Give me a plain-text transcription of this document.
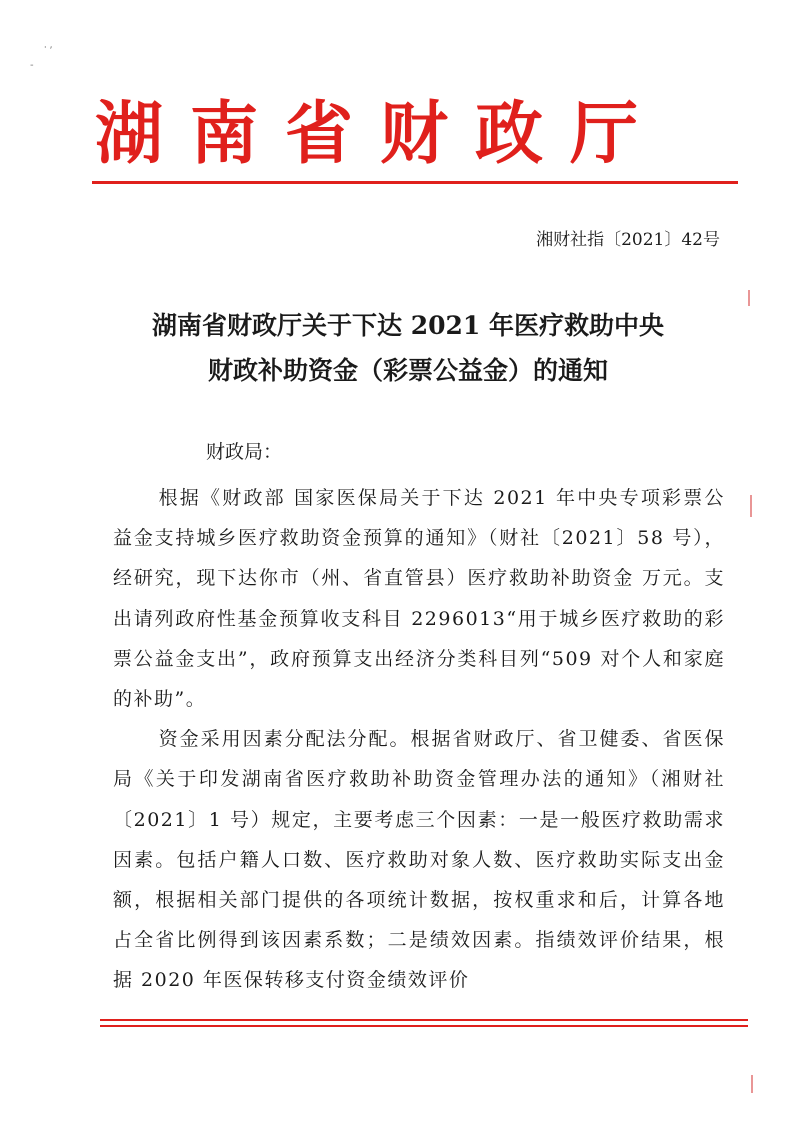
⸳ ⸴
‐
湖南省财政厅
湘财社指〔2021〕42号
湖南省财政厅关于下达 2021 年医疗救助中央
财政补助资金（彩票公益金）的通知
财政局：

根据《财政部 国家医保局关于下达 2021 年中央专项彩票公益金支持城乡医疗救助资金预算的通知》（财社〔2021〕58 号），经研究，现下达你市（州、省直管县）医疗救助补助资金 万元。支出请列政府性基金预算收支科目 2296013“用于城乡医疗救助的彩票公益金支出”，政府预算支出经济分类科目列“509 对个人和家庭的补助”。

资金采用因素分配法分配。根据省财政厅、省卫健委、省医保局《关于印发湖南省医疗救助补助资金管理办法的通知》（湘财社〔2021〕1 号）规定，主要考虑三个因素：一是一般医疗救助需求因素。包括户籍人口数、医疗救助对象人数、医疗救助实际支出金额，根据相关部门提供的各项统计数据，按权重求和后，计算各地占全省比例得到该因素系数；二是绩效因素。指绩效评价结果，根据 2020 年医保转移支付资金绩效评价
